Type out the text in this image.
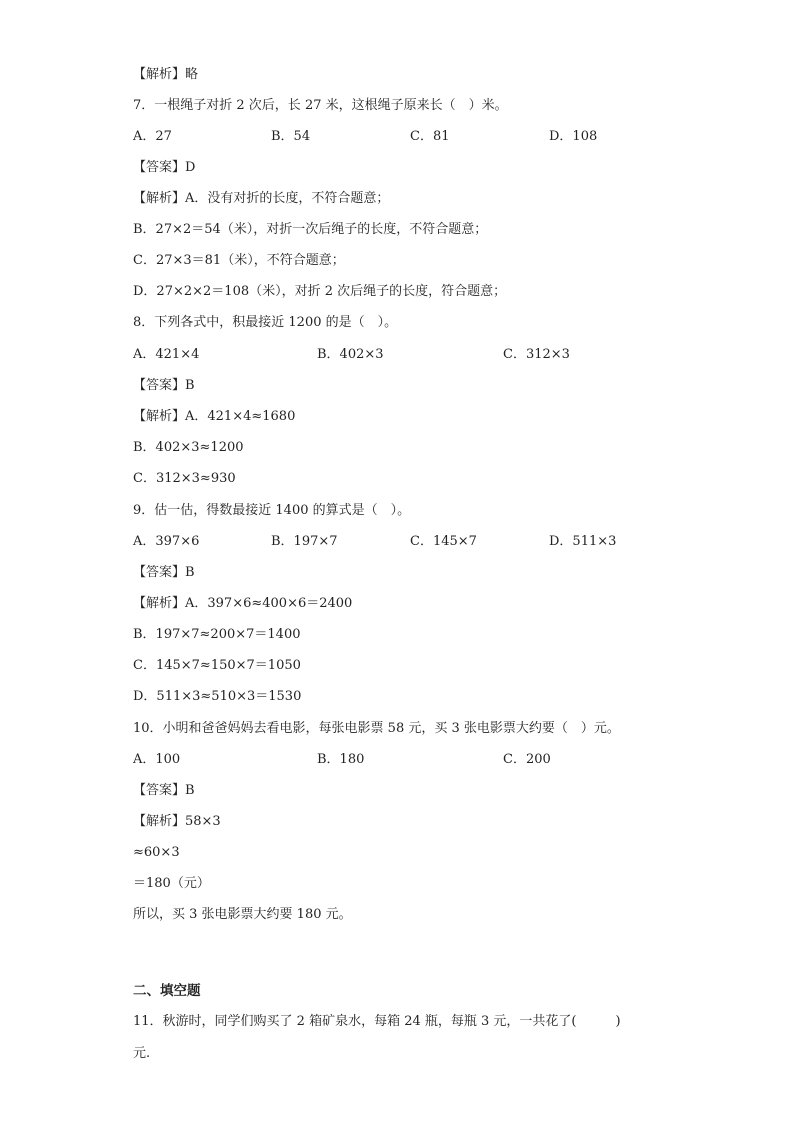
【解析】略
7．一根绳子对折 2 次后，长 27 米，这根绳子原来长（　）米。
A．27	B．54	C．81	D．108
【答案】D
【解析】A．没有对折的长度，不符合题意；
B．27×2＝54（米），对折一次后绳子的长度，不符合题意；
C．27×3＝81（米），不符合题意；
D．27×2×2＝108（米），对折 2 次后绳子的长度，符合题意；
8．下列各式中，积最接近 1200 的是（　）。
A．421×4	B．402×3	C．312×3
【答案】B
【解析】A．421×4≈1680
B．402×3≈1200
C．312×3≈930
9．估一估，得数最接近 1400 的算式是（　）。
A．397×6	B．197×7	C．145×7	D．511×3
【答案】B
【解析】A．397×6≈400×6＝2400
B．197×7≈200×7＝1400
C．145×7≈150×7＝1050
D．511×3≈510×3＝1530
10．小明和爸爸妈妈去看电影，每张电影票 58 元，买 3 张电影票大约要（　）元。
A．100	B．180	C．200
【答案】B
【解析】58×3
≈60×3
＝180（元）
所以，买 3 张电影票大约要 180 元。
二、填空题
11．秋游时，同学们购买了 2 箱矿泉水，每箱 24 瓶，每瓶 3 元，一共花了(　　　)
元.
